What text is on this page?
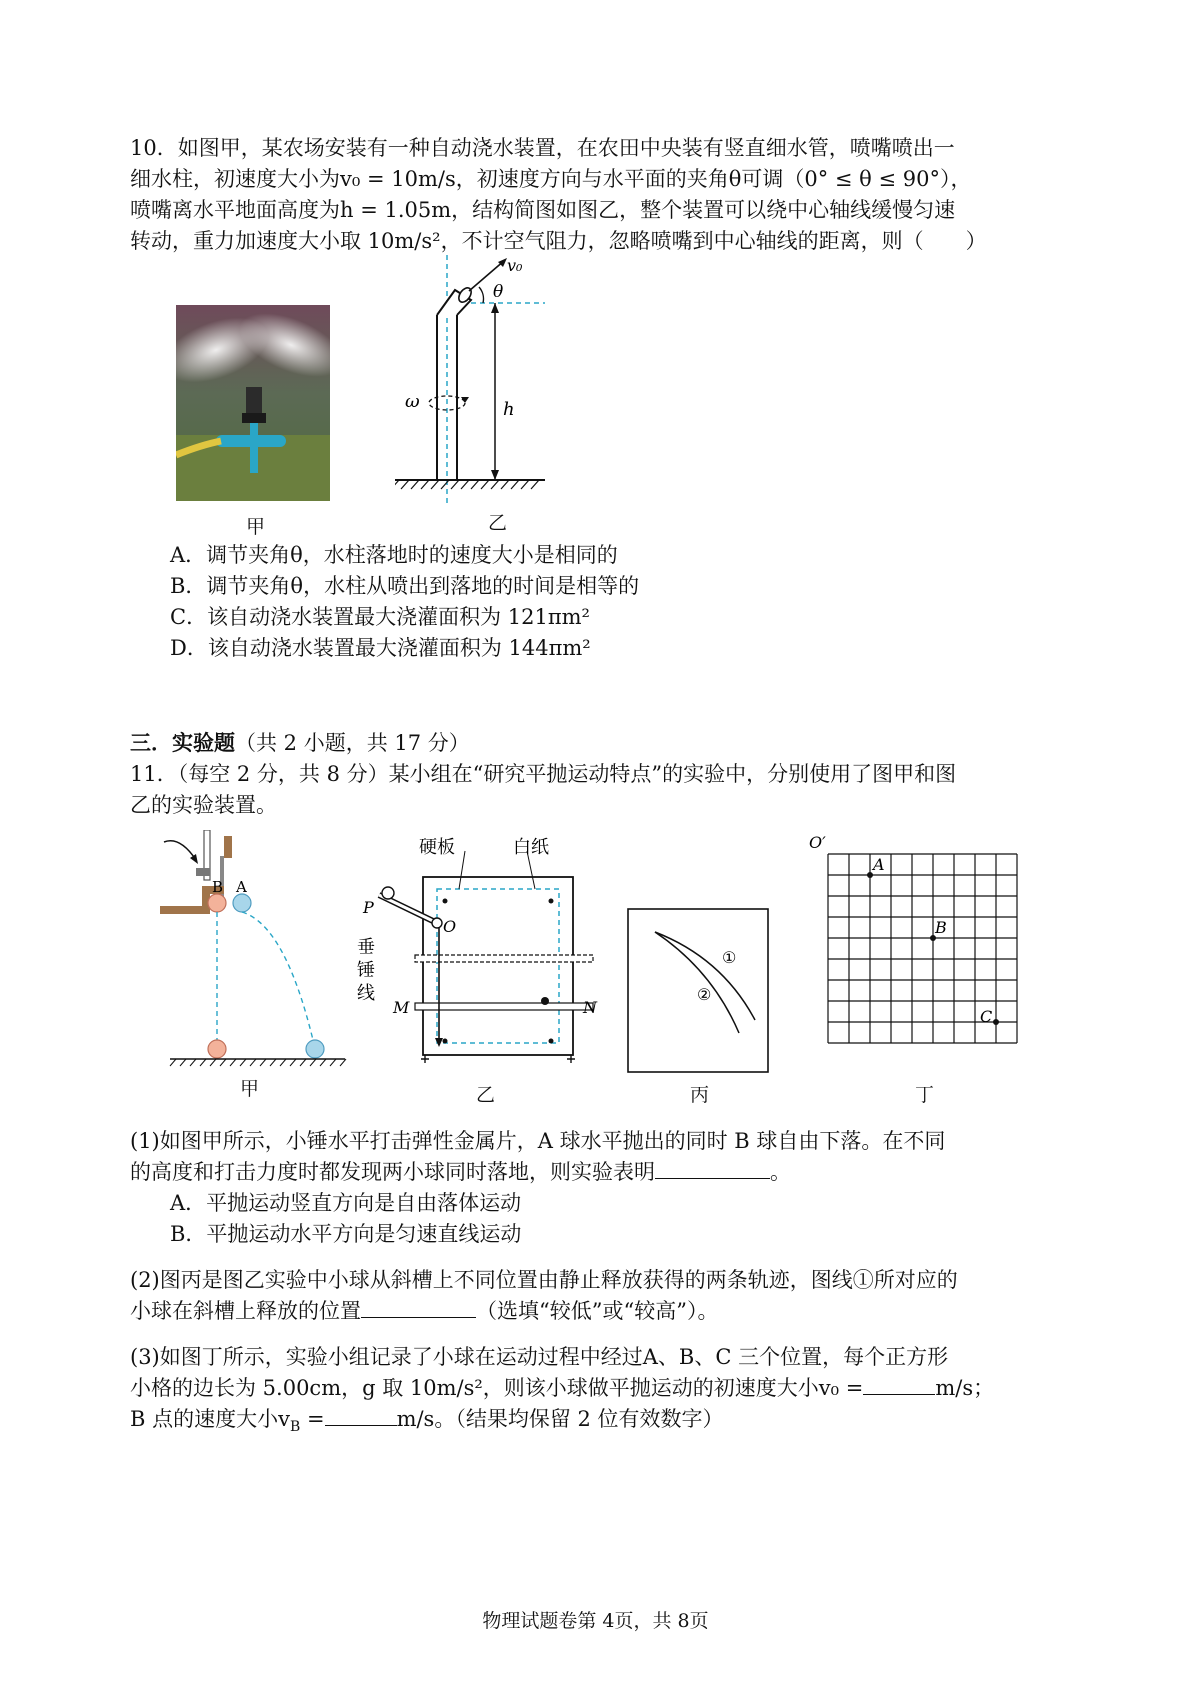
10．如图甲，某农场安装有一种自动浇水装置，在农田中央装有竖直细水管，喷嘴喷出一
细水柱，初速度大小为v₀ = 10m/s，初速度方向与水平面的夹角θ可调（0° ≤ θ ≤ 90°），
喷嘴离水平地面高度为h = 1.05m，结构简图如图乙，整个装置可以绕中心轴线缓慢匀速
转动，重力加速度大小取 10m/s²，不计空气阻力，忽略喷嘴到中心轴线的距离，则（　　）
甲
v₀
θ
ω	h
乙
A．调节夹角θ，水柱落地时的速度大小是相同的
B．调节夹角θ，水柱从喷出到落地的时间是相等的
C．该自动浇水装置最大浇灌面积为 121πm²
D．该自动浇水装置最大浇灌面积为 144πm²
三．实验题（共 2 小题，共 17 分）
11．（每空 2 分，共 8 分）某小组在“研究平抛运动特点”的实验中，分别使用了图甲和图
乙的实验装置。
B A
甲
硬板	白纸
P
O
垂
锤
线
M	N
乙
①
②
丙
O′
A
B
C
丁
(1)如图甲所示，小锤水平打击弹性金属片，A 球水平抛出的同时 B 球自由下落。在不同
的高度和打击力度时都发现两小球同时落地，则实验表明	。
A．平抛运动竖直方向是自由落体运动
B．平抛运动水平方向是匀速直线运动
(2)图丙是图乙实验中小球从斜槽上不同位置由静止释放获得的两条轨迹，图线①所对应的
小球在斜槽上释放的位置	（选填“较低”或“较高”）。
(3)如图丁所示，实验小组记录了小球在运动过程中经过A、B、C 三个位置，每个正方形
小格的边长为 5.00cm，g 取 10m/s²，则该小球做平抛运动的初速度大小v₀ =	m/s；
B 点的速度大小$v_B$ =	m/s。（结果均保留 2 位有效数字）
物理试题卷第 4页，共 8页
